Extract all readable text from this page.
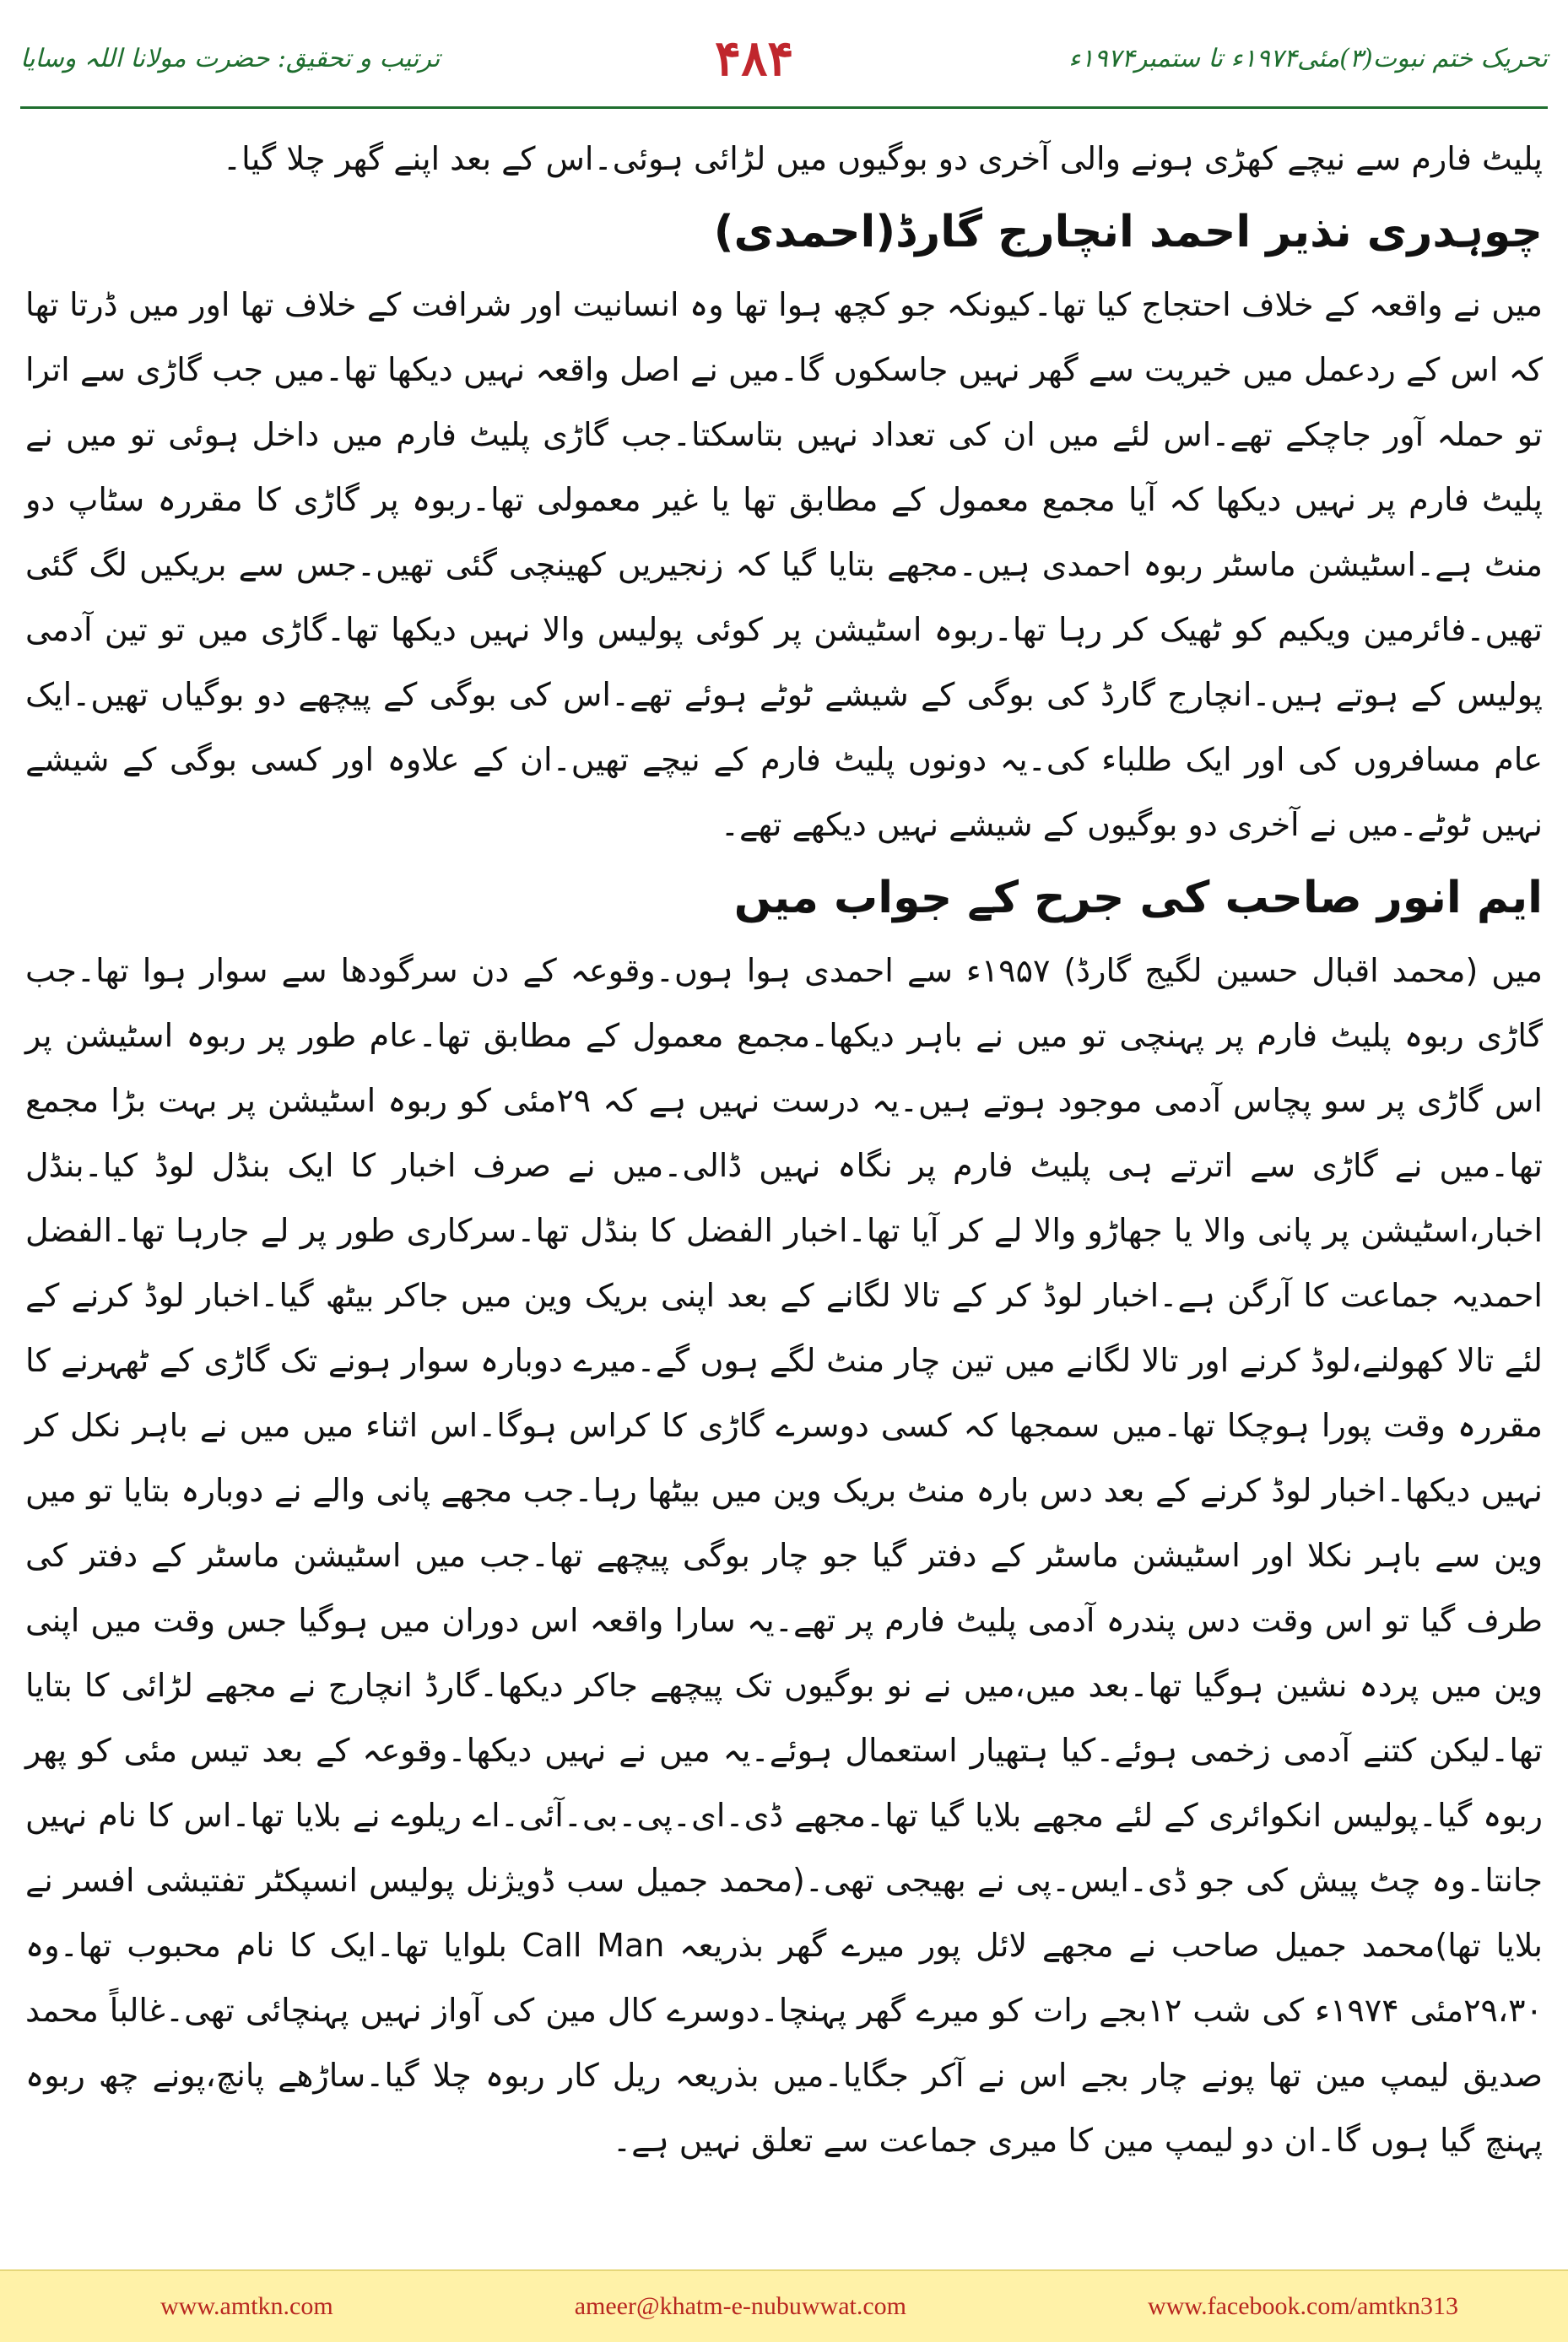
ترتیب و تحقیق: حضرت مولانا اللہ وسایا	۴۸۴	تحریک ختم نبوت(۳)مئی۱۹۷۴ء تا ستمبر۱۹۷۴ء

پلیٹ فارم سے نیچے کھڑی ہونے والی آخری دو بوگیوں میں لڑائی ہوئی۔اس کے بعد اپنے گھر چلا گیا۔

چوہدری نذیر احمد انچارج گارڈ(احمدی)

میں نے واقعہ کے خلاف احتجاج کیا تھا۔کیونکہ جو کچھ ہوا تھا وہ انسانیت اور شرافت کے خلاف تھا اور میں ڈرتا تھا کہ اس کے ردعمل میں خیریت سے گھر نہیں جاسکوں گا۔میں نے اصل واقعہ نہیں دیکھا تھا۔میں جب گاڑی سے اترا تو حملہ آور جاچکے تھے۔اس لئے میں ان کی تعداد نہیں بتاسکتا۔جب گاڑی پلیٹ فارم میں داخل ہوئی تو میں نے پلیٹ فارم پر نہیں دیکھا کہ آیا مجمع معمول کے مطابق تھا یا غیر معمولی تھا۔ربوہ پر گاڑی کا مقررہ سٹاپ دو منٹ ہے۔اسٹیشن ماسٹر ربوہ احمدی ہیں۔مجھے بتایا گیا کہ زنجیریں کھینچی گئی تھیں۔جس سے بریکیں لگ گئی تھیں۔فائرمین ویکیم کو ٹھیک کر رہا تھا۔ربوہ اسٹیشن پر کوئی پولیس والا نہیں دیکھا تھا۔گاڑی میں تو تین آدمی پولیس کے ہوتے ہیں۔انچارج گارڈ کی بوگی کے شیشے ٹوٹے ہوئے تھے۔اس کی بوگی کے پیچھے دو بوگیاں تھیں۔ایک عام مسافروں کی اور ایک طلباء کی۔یہ دونوں پلیٹ فارم کے نیچے تھیں۔ان کے علاوہ اور کسی بوگی کے شیشے نہیں ٹوٹے۔میں نے آخری دو بوگیوں کے شیشے نہیں دیکھے تھے۔

ایم انور صاحب کی جرح کے جواب میں

میں (محمد اقبال حسین لگیج گارڈ) ۱۹۵۷ء سے احمدی ہوا ہوں۔وقوعہ کے دن سرگودھا سے سوار ہوا تھا۔جب گاڑی ربوہ پلیٹ فارم پر پہنچی تو میں نے باہر دیکھا۔مجمع معمول کے مطابق تھا۔عام طور پر ربوہ اسٹیشن پر اس گاڑی پر سو پچاس آدمی موجود ہوتے ہیں۔یہ درست نہیں ہے کہ ۲۹مئی کو ربوہ اسٹیشن پر بہت بڑا مجمع تھا۔میں نے گاڑی سے اترتے ہی پلیٹ فارم پر نگاہ نہیں ڈالی۔میں نے صرف اخبار کا ایک بنڈل لوڈ کیا۔بنڈل اخبار،اسٹیشن پر پانی والا یا جھاڑو والا لے کر آیا تھا۔اخبار الفضل کا بنڈل تھا۔سرکاری طور پر لے جارہا تھا۔الفضل احمدیہ جماعت کا آرگن ہے۔اخبار لوڈ کر کے تالا لگانے کے بعد اپنی بریک وین میں جاکر بیٹھ گیا۔اخبار لوڈ کرنے کے لئے تالا کھولنے،لوڈ کرنے اور تالا لگانے میں تین چار منٹ لگے ہوں گے۔میرے دوبارہ سوار ہونے تک گاڑی کے ٹھہرنے کا مقررہ وقت پورا ہوچکا تھا۔میں سمجھا کہ کسی دوسرے گاڑی کا کراس ہوگا۔اس اثناء میں میں نے باہر نکل کر نہیں دیکھا۔اخبار لوڈ کرنے کے بعد دس بارہ منٹ بریک وین میں بیٹھا رہا۔جب مجھے پانی والے نے دوبارہ بتایا تو میں وین سے باہر نکلا اور اسٹیشن ماسٹر کے دفتر گیا جو چار بوگی پیچھے تھا۔جب میں اسٹیشن ماسٹر کے دفتر کی طرف گیا تو اس وقت دس پندرہ آدمی پلیٹ فارم پر تھے۔یہ سارا واقعہ اس دوران میں ہوگیا جس وقت میں اپنی وین میں پردہ نشین ہوگیا تھا۔بعد میں،میں نے نو بوگیوں تک پیچھے جاکر دیکھا۔گارڈ انچارج نے مجھے لڑائی کا بتایا تھا۔لیکن کتنے آدمی زخمی ہوئے۔کیا ہتھیار استعمال ہوئے۔یہ میں نے نہیں دیکھا۔وقوعہ کے بعد تیس مئی کو پھر ربوہ گیا۔پولیس انکوائری کے لئے مجھے بلایا گیا تھا۔مجھے ڈی۔ای۔پی۔بی۔آئی۔اے ریلوے نے بلایا تھا۔اس کا نام نہیں جانتا۔وہ چٹ پیش کی جو ڈی۔ایس۔پی نے بھیجی تھی۔(محمد جمیل سب ڈویژنل پولیس انسپکٹر تفتیشی افسر نے بلایا تھا)محمد جمیل صاحب نے مجھے لائل پور میرے گھر بذریعہ Call Man بلوایا تھا۔ایک کا نام محبوب تھا۔وہ ۲۹،۳۰مئی ۱۹۷۴ء کی شب ۱۲بجے رات کو میرے گھر پہنچا۔دوسرے کال مین کی آواز نہیں پہنچائی تھی۔غالباً محمد صدیق لیمپ مین تھا پونے چار بجے اس نے آکر جگایا۔میں بذریعہ ریل کار ربوہ چلا گیا۔ساڑھے پانچ،پونے چھ ربوہ پہنچ گیا ہوں گا۔ان دو لیمپ مین کا میری جماعت سے تعلق نہیں ہے۔

www.amtkn.com	ameer@khatm-e-nubuwwat.com	www.facebook.com/amtkn313
